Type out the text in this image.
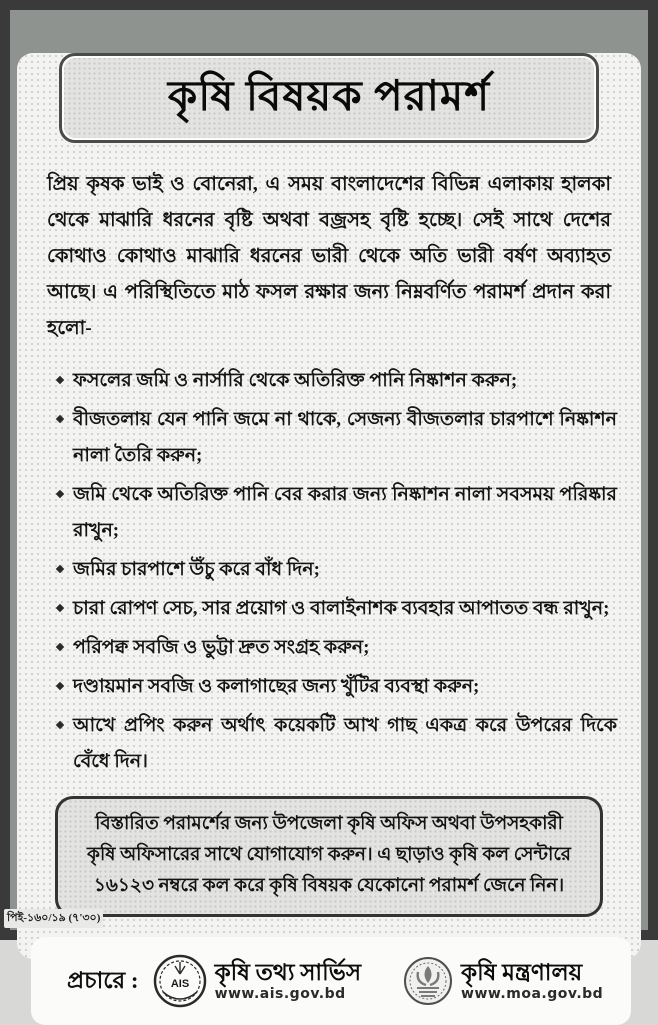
কৃষি বিষয়ক পরামর্শ

প্রিয় কৃষক ভাই ও বোনেরা, এ সময় বাংলাদেশের বিভিন্ন এলাকায় হালকা থেকে মাঝারি ধরনের বৃষ্টি অথবা বজ্রসহ বৃষ্টি হচ্ছে। সেই সাথে দেশের কোথাও কোথাও মাঝারি ধরনের ভারী থেকে অতি ভারী বর্ষণ অব্যাহত আছে। এ পরিস্থিতিতে মাঠ ফসল রক্ষার জন্য নিম্নবর্ণিত পরামর্শ প্রদান করা হলো-

ফসলের জমি ও নার্সারি থেকে অতিরিক্ত পানি নিষ্কাশন করুন;
বীজতলায় যেন পানি জমে না থাকে, সেজন্য বীজতলার চারপাশে নিষ্কাশন নালা তৈরি করুন;
জমি থেকে অতিরিক্ত পানি বের করার জন্য নিষ্কাশন নালা সবসময় পরিষ্কার রাখুন;
জমির চারপাশে উঁচু করে বাঁধ দিন;
চারা রোপণ সেচ, সার প্রয়োগ ও বালাইনাশক ব্যবহার আপাতত বন্ধ রাখুন;
পরিপক্ব সবজি ও ভুট্টা দ্রুত সংগ্রহ করুন;
দণ্ডায়মান সবজি ও কলাগাছের জন্য খুঁটির ব্যবস্থা করুন;
আখে প্রপিং করুন অর্থাৎ কয়েকটি আখ গাছ একত্র করে উপরের দিকে বেঁধে দিন।
বিস্তারিত পরামর্শের জন্য উপজেলা কৃষি অফিস অথবা উপসহকারী কৃষি অফিসারের সাথে যোগাযোগ করুন। এ ছাড়াও কৃষি কল সেন্টারে ১৬১২৩ নম্বরে কল করে কৃষি বিষয়ক যেকোনো পরামর্শ জেনে নিন।
প্রচারে :	AIS কৃষি তথ্য সার্ভিস
www.ais.gov.bd
কৃষি মন্ত্রণালয়
www.moa.gov.bd
পিই-১৬০/১৯ (৭'৩০)
